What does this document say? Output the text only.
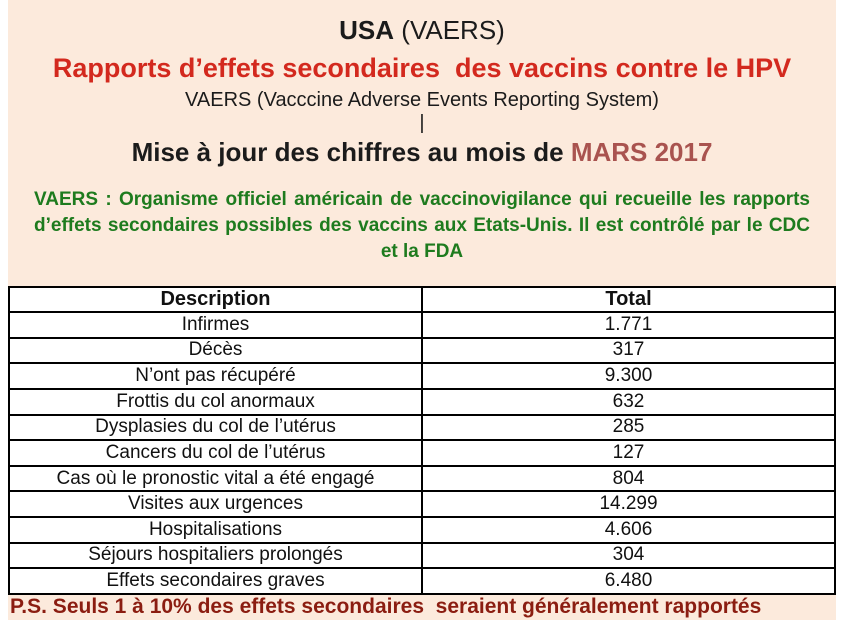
USA (VAERS)
Rapports d’effets secondaires  des vaccins contre le HPV
VAERS (Vacccine Adverse Events Reporting System)
|
Mise à jour des chiffres au mois de MARS 2017
VAERS : Organisme officiel américain de vaccinovigilance qui recueille les rapports d’effets secondaires possibles des vaccins aux Etats-Unis. Il est contrôlé par le CDC et la FDA
Description	Total
Infirmes	1.771
Décès	317
N’ont pas récupéré	9.300
Frottis du col anormaux	632
Dysplasies du col de l’utérus	285
Cancers du col de l’utérus	127
Cas où le pronostic vital a été engagé	804
Visites aux urgences	14.299
Hospitalisations	4.606
Séjours hospitaliers prolongés	304
Effets secondaires graves	6.480
P.S. Seuls 1 à 10% des effets secondaires  seraient généralement rapportés
